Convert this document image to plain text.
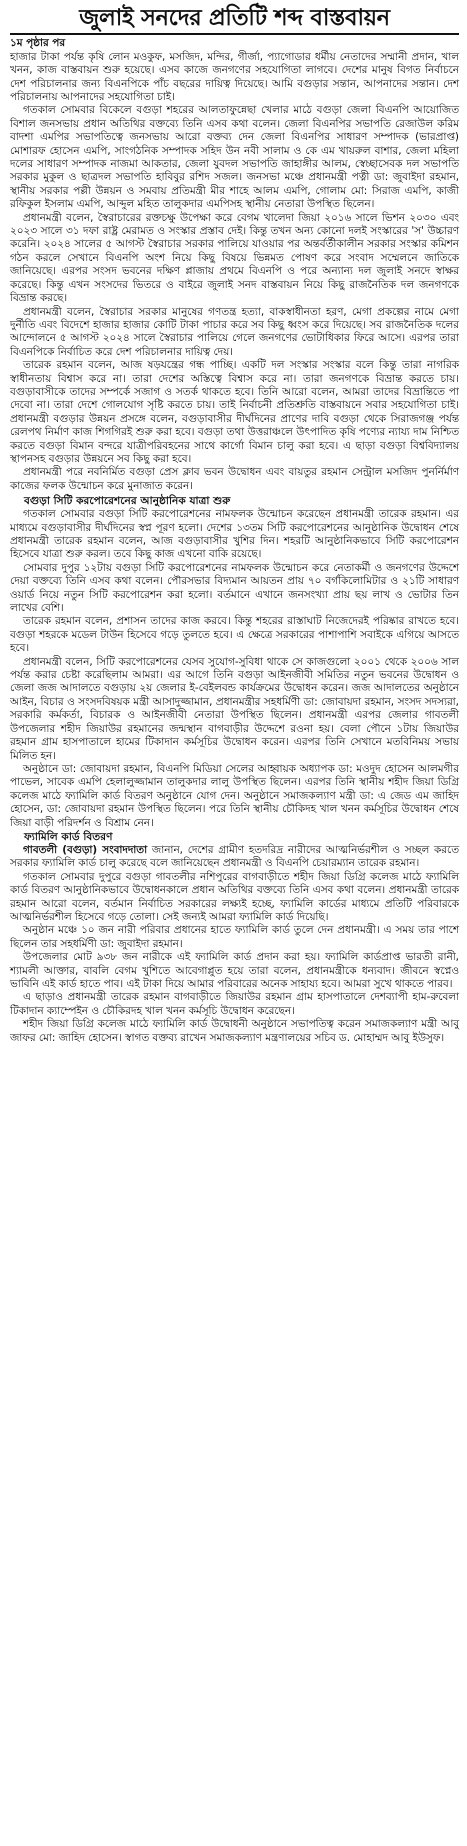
জুলাই সনদের প্রতিটি শব্দ বাস্তবায়ন
১ম পৃষ্ঠার পর

হাজার টাকা পর্যন্ত কৃষি লোন মওকুফ, মসজিদ, মন্দির, গীর্জা, প্যাগোডার ধর্মীয় নেতাদের সম্মানী প্রদান, খাল খনন, কাজ বাস্তবায়ন শুরু হয়েছে। এসব কাজে জনগণের সহযোগিতা লাগবে। দেশের মানুষ বিগত নির্বাচনে দেশ পরিচালনার জন্য বিএনপিকে পাঁচ বছরের দায়িত্ব দিয়েছে। আমি বগুড়ার সন্তান, আপনাদের সন্তান। দেশ পরিচালনায় আপনাদের সহযোগিতা চাই।

গতকাল সোমবার বিকেলে বগুড়া শহরের আলতাফুন্নেছা খেলার মাঠে বগুড়া জেলা বিএনপি আয়োজিত বিশাল জনসভায় প্রধান অতিথির বক্তব্যে তিনি এসব কথা বলেন। জেলা বিএনপির সভাপতি রেজাউল করিম বাদশা এমপির সভাপতিত্বে জনসভায় আরো বক্তব্য দেন জেলা বিএনপির সাধারণ সম্পাদক (ভারপ্রাপ্ত) মোশারফ হোসেন এমপি, সাংগঠনিক সম্পাদক সহিদ উন নবী সালাম ও কে এম খায়রুল বাশার, জেলা মহিলা দলের সাধারণ সম্পাদক নাজমা আকতার, জেলা যুবদল সভাপতি জাহাঙ্গীর আলম, স্বেচ্ছাসেবক দল সভাপতি সরকার মুকুল ও ছাত্রদল সভাপতি হাবিবুর রশিদ সজল। জনসভা মঞ্চে প্রধানমন্ত্রী পত্নী ডা: জুবাইদা রহমান, স্থানীয় সরকার পল্লী উন্নয়ন ও সমবায় প্রতিমন্ত্রী মীর শাহে আলম এমপি, গোলাম মো: সিরাজ এমপি, কাজী রফিকুল ইসলাম এমপি, আব্দুল মহিত তালুকদার এমপিসহ স্থানীয় নেতারা উপস্থিত ছিলেন।

প্রধানমন্ত্রী বলেন, স্বৈরাচারের রক্তচক্ষু উপেক্ষা করে বেগম খালেদা জিয়া ২০১৬ সালে ভিশন ২০৩০ এবং ২০২৩ সালে ৩১ দফা রাষ্ট্র মেরামত ও সংস্কার প্রস্তাব দেই। কিন্তু তখন অন্য কোনো দলই সংস্কারের 'স' উচ্চারণ করেনি। ২০২৪ সালের ৫ আগস্ট স্বৈরাচার সরকার পালিয়ে যাওয়ার পর অন্তর্বর্তীকালীন সরকার সংস্কার কমিশন গঠন করলে সেখানে বিএনপি অংশ নিয়ে কিছু বিষয়ে ভিন্নমত পোষণ করে সংবাদ সম্মেলনে জাতিকে জানিয়েছে। এরপর সংসদ ভবনের দক্ষিণ প্লাজায় প্রথমে বিএনপি ও পরে অন্যান্য দল জুলাই সনদে স্বাক্ষর করেছে। কিন্তু এখন সংসদের ভিতরে ও বাইরে জুলাই সনদ বাস্তবায়ন নিয়ে কিছু রাজনৈতিক দল জনগণকে বিভ্রান্ত করছে।

প্রধানমন্ত্রী বলেন, স্বৈরাচার সরকার মানুষের গণতন্ত্র হত্যা, বাকস্বাধীনতা হরণ, মেগা প্রকল্পের নামে মেগা দুর্নীতি এবং বিদেশে হাজার হাজার কোটি টাকা পাচার করে সব কিছু ধ্বংস করে দিয়েছে। সব রাজনৈতিক দলের আন্দোলনে ৫ আগস্ট ২০২৪ সালে স্বৈরাচার পালিয়ে গেলে জনগণের ভোটাধিকার ফিরে আসে। এরপর তারা বিএনপিকে নির্বাচিত করে দেশ পরিচালনার দায়িত্ব দেয়।

তারেক রহমান বলেন, আজ ষড়যন্ত্রের গন্ধ পাচ্ছি। একটি দল সংস্কার সংস্কার বলে কিন্তু তারা নাগরিক স্বাধীনতায় বিশ্বাস করে না। তারা দেশের অস্তিত্বে বিশ্বাস করে না। তারা জনগণকে বিভ্রান্ত করতে চায়। বগুড়াবাসীকে তাদের সম্পর্কে সজাগ ও সতর্ক থাকতে হবে। তিনি আরো বলেন, আমরা তাদের বিভ্রান্তিতে পা দেবো না। তারা দেশে গোলযোগ সৃষ্টি করতে চায়। তাই নির্বাচনী প্রতিশ্রুতি বাস্তবায়নে সবার সহযোগিতা চাই। প্রধানমন্ত্রী বগুড়ার উন্নয়ন প্রসঙ্গে বলেন, বগুড়াবাসীর দীর্ঘদিনের প্রাণের দাবি বগুড়া থেকে সিরাজগঞ্জ পর্যন্ত রেলপথ নির্মাণ কাজ শিগগিরই শুরু করা হবে। বগুড়া তথা উত্তরাঞ্চলে উৎপাদিত কৃষি পণ্যের ন্যায্য দাম নিশ্চিত করতে বগুড়া বিমান বন্দরে যাত্রীপরিবহনের সাথে কার্গো বিমান চালু করা হবে। এ ছাড়া বগুড়া বিশ্ববিদ্যালয় স্থাপনসহ বগুড়ার উন্নয়নে সব কিছু করা হবে।

প্রধানমন্ত্রী পরে নবনির্মিত বগুড়া প্রেস ক্লাব ভবন উদ্বোধন এবং বায়তুর রহমান সেন্ট্রাল মসজিদ পুনর্নির্মাণ কাজের ফলক উন্মোচন করে মুনাজাত করেন।

বগুড়া সিটি করপোরেশনের আনুষ্ঠানিক যাত্রা শুরু

গতকাল সোমবার বগুড়া সিটি করপোরেশনের নামফলক উন্মোচন করেছেন প্রধানমন্ত্রী তারেক রহমান। এর মাধ্যমে বগুড়াবাসীর দীর্ঘদিনের স্বপ্ন পূরণ হলো। দেশের ১৩তম সিটি করপোরেশনের আনুষ্ঠানিক উদ্বোধন শেষে প্রধানমন্ত্রী তারেক রহমান বলেন, আজ বগুড়াবাসীর খুশির দিন। শহরটি আনুষ্ঠানিকভাবে সিটি করপোরেশন হিসেবে যাত্রা শুরু করল। তবে কিছু কাজ এখনো বাকি রয়েছে।

সোমবার দুপুর ১২টায় বগুড়া সিটি করপোরেশনের নামফলক উন্মোচন করে নেতাকর্মী ও জনগণের উদ্দেশে দেয়া বক্তব্যে তিনি এসব কথা বলেন। পৌরসভার বিদ্যমান আয়তন প্রায় ৭০ বর্গকিলোমিটার ও ২১টি সাধারণ ওয়ার্ড নিয়ে নতুন সিটি করপোরেশন করা হলো। বর্তমানে এখানে জনসংখ্যা প্রায় ছয় লাখ ও ভোটার তিন লাখের বেশি।

তারেক রহমান বলেন, প্রশাসন তাদের কাজ করবে। কিন্তু শহরের রাস্তাঘাট নিজেদেরই পরিষ্কার রাখতে হবে। বগুড়া শহরকে মডেল টাউন হিসেবে গড়ে তুলতে হবে। এ ক্ষেত্রে সরকারের পাশাপাশি সবাইকে এগিয়ে আসতে হবে।

প্রধানমন্ত্রী বলেন, সিটি করপোরেশনের যেসব সুযোগ-সুবিধা থাকে সে কাজগুলো ২০০১ থেকে ২০০৬ সাল পর্যন্ত করার চেষ্টা করেছিলাম আমরা। এর আগে তিনি বগুড়া আইনজীবী সমিতির নতুন ভবনের উদ্বোধন ও জেলা জজ আদালতে বগুড়ায় ২য় জেলার ই-বেইলবন্ড কার্যক্রমের উদ্বোধন করেন। জজ আদালতের অনুষ্ঠানে আইন, বিচার ও সংসদবিষয়ক মন্ত্রী আসাদুজ্জামান, প্রধানমন্ত্রীর সহধর্মিণী ডা: জোবায়দা রহমান, সংসদ সদস্যরা, সরকারি কর্মকর্তা, বিচারক ও আইনজীবী নেতারা উপস্থিত ছিলেন। প্রধানমন্ত্রী এরপর জেলার গাবতলী উপজেলার শহীদ জিয়াউর রহমানের জন্মস্থান বাগবাড়ীর উদ্দেশে রওনা হয়। বেলা পৌনে ১টায় জিয়াউর রহমান গ্রাম হাসপাতালে হামের টিকাদান কর্মসূচির উদ্বোধন করেন। এরপর তিনি সেখানে মতবিনিময় সভায় মিলিত হন।

অনুষ্ঠানে ডা: জোবায়দা রহমান, বিএনপি মিডিয়া সেলের আহ্বায়ক অধ্যাপক ডা: মওদুদ হোসেন আলমগীর পাভেল, সাবেক এমপি হেলালুজ্জামান তালুকদার লালু উপস্থিত ছিলেন। এরপর তিনি স্থানীয় শহীদ জিয়া ডিগ্রি কলেজ মাঠে ফ্যামিলি কার্ড বিতরণ অনুষ্ঠানে যোগ দেন। অনুষ্ঠানে সমাজকল্যাণ মন্ত্রী ডা: এ জেড এম জাহিদ হোসেন, ডা: জোবায়দা রহমান উপস্থিত ছিলেন। পরে তিনি স্থানীয় চৌকিদহ খাল খনন কর্মসূচির উদ্বোধন শেষে জিয়া বাড়ী পরিদর্শন ও বিশ্রাম নেন।

ফ্যামিলি কার্ড বিতরণ

গাবতলী (বগুড়া) সংবাদদাতা জানান, দেশের গ্রামীণ হতদরিদ্র নারীদের আত্মনির্ভরশীল ও সচ্ছল করতে সরকার ফ্যামিলি কার্ড চালু করেছে বলে জানিয়েছেন প্রধানমন্ত্রী ও বিএনপি চেয়ারম্যান তারেক রহমান।

গতকাল সোমবার দুপুরে বগুড়া গাবতলীর নশিপুরের বাগবাড়ীতে শহীদ জিয়া ডিগ্রি কলেজ মাঠে ফ্যামিলি কার্ড বিতরণ আনুষ্ঠানিকভাবে উদ্বোধনকালে প্রধান অতিথির বক্তব্যে তিনি এসব কথা বলেন। প্রধানমন্ত্রী তারেক রহমান আরো বলেন, বর্তমান নির্বাচিত সরকারের লক্ষ্যই হচ্ছে, ফ্যামিলি কার্ডের মাধ্যমে প্রতিটি পরিবারকে আত্মনির্ভরশীল হিসেবে গড়ে তোলা। সেই জন্যই আমরা ফ্যামিলি কার্ড দিয়েছি।

অনুষ্ঠান মঞ্চে ১০ জন নারী পরিবার প্রধানের হাতে ফ্যামিলি কার্ড তুলে দেন প্রধানমন্ত্রী। এ সময় তার পাশে ছিলেন তার সহধর্মিণী ডা: জুবাইদা রহমান।

উপজেলার মোট ৯৩৮ জন নারীকে এই ফ্যামিলি কার্ড প্রদান করা হয়। ফ্যামিলি কার্ডপ্রাপ্ত ভারতী রানী, শ্যামলী আক্তার, বাবলি বেগম খুশিতে আবেগাপ্লুত হয়ে তারা বলেন, প্রধানমন্ত্রীকে ধন্যবাদ। জীবনে স্বপ্নেও ভাবিনি এই কার্ড হাতে পাব। এই টাকা দিয়ে আমার পরিবারের অনেক সাহায্য হবে। আমরা সুখে থাকতে পারব।

এ ছাড়াও প্রধানমন্ত্রী তারেক রহমান বাগবাড়ীতে জিয়াউর রহমান গ্রাম হাসপাতালে দেশব্যাপী হাম-রুবেলা টিকাদান ক্যাম্পেইন ও চৌকিরদহ খাল খনন কর্মসূচি উদ্বোধন করেছেন।

শহীদ জিয়া ডিগ্রি কলেজ মাঠে ফ্যামিলি কার্ড উদ্বোধনী অনুষ্ঠানে সভাপতিত্ব করেন সমাজকল্যাণ মন্ত্রী আবু জাফর মো: জাহিদ হোসেন। স্বাগত বক্তব্য রাখেন সমাজকল্যাণ মন্ত্রণালয়ের সচিব ড. মোহাম্মদ আবু ইউসুফ।
